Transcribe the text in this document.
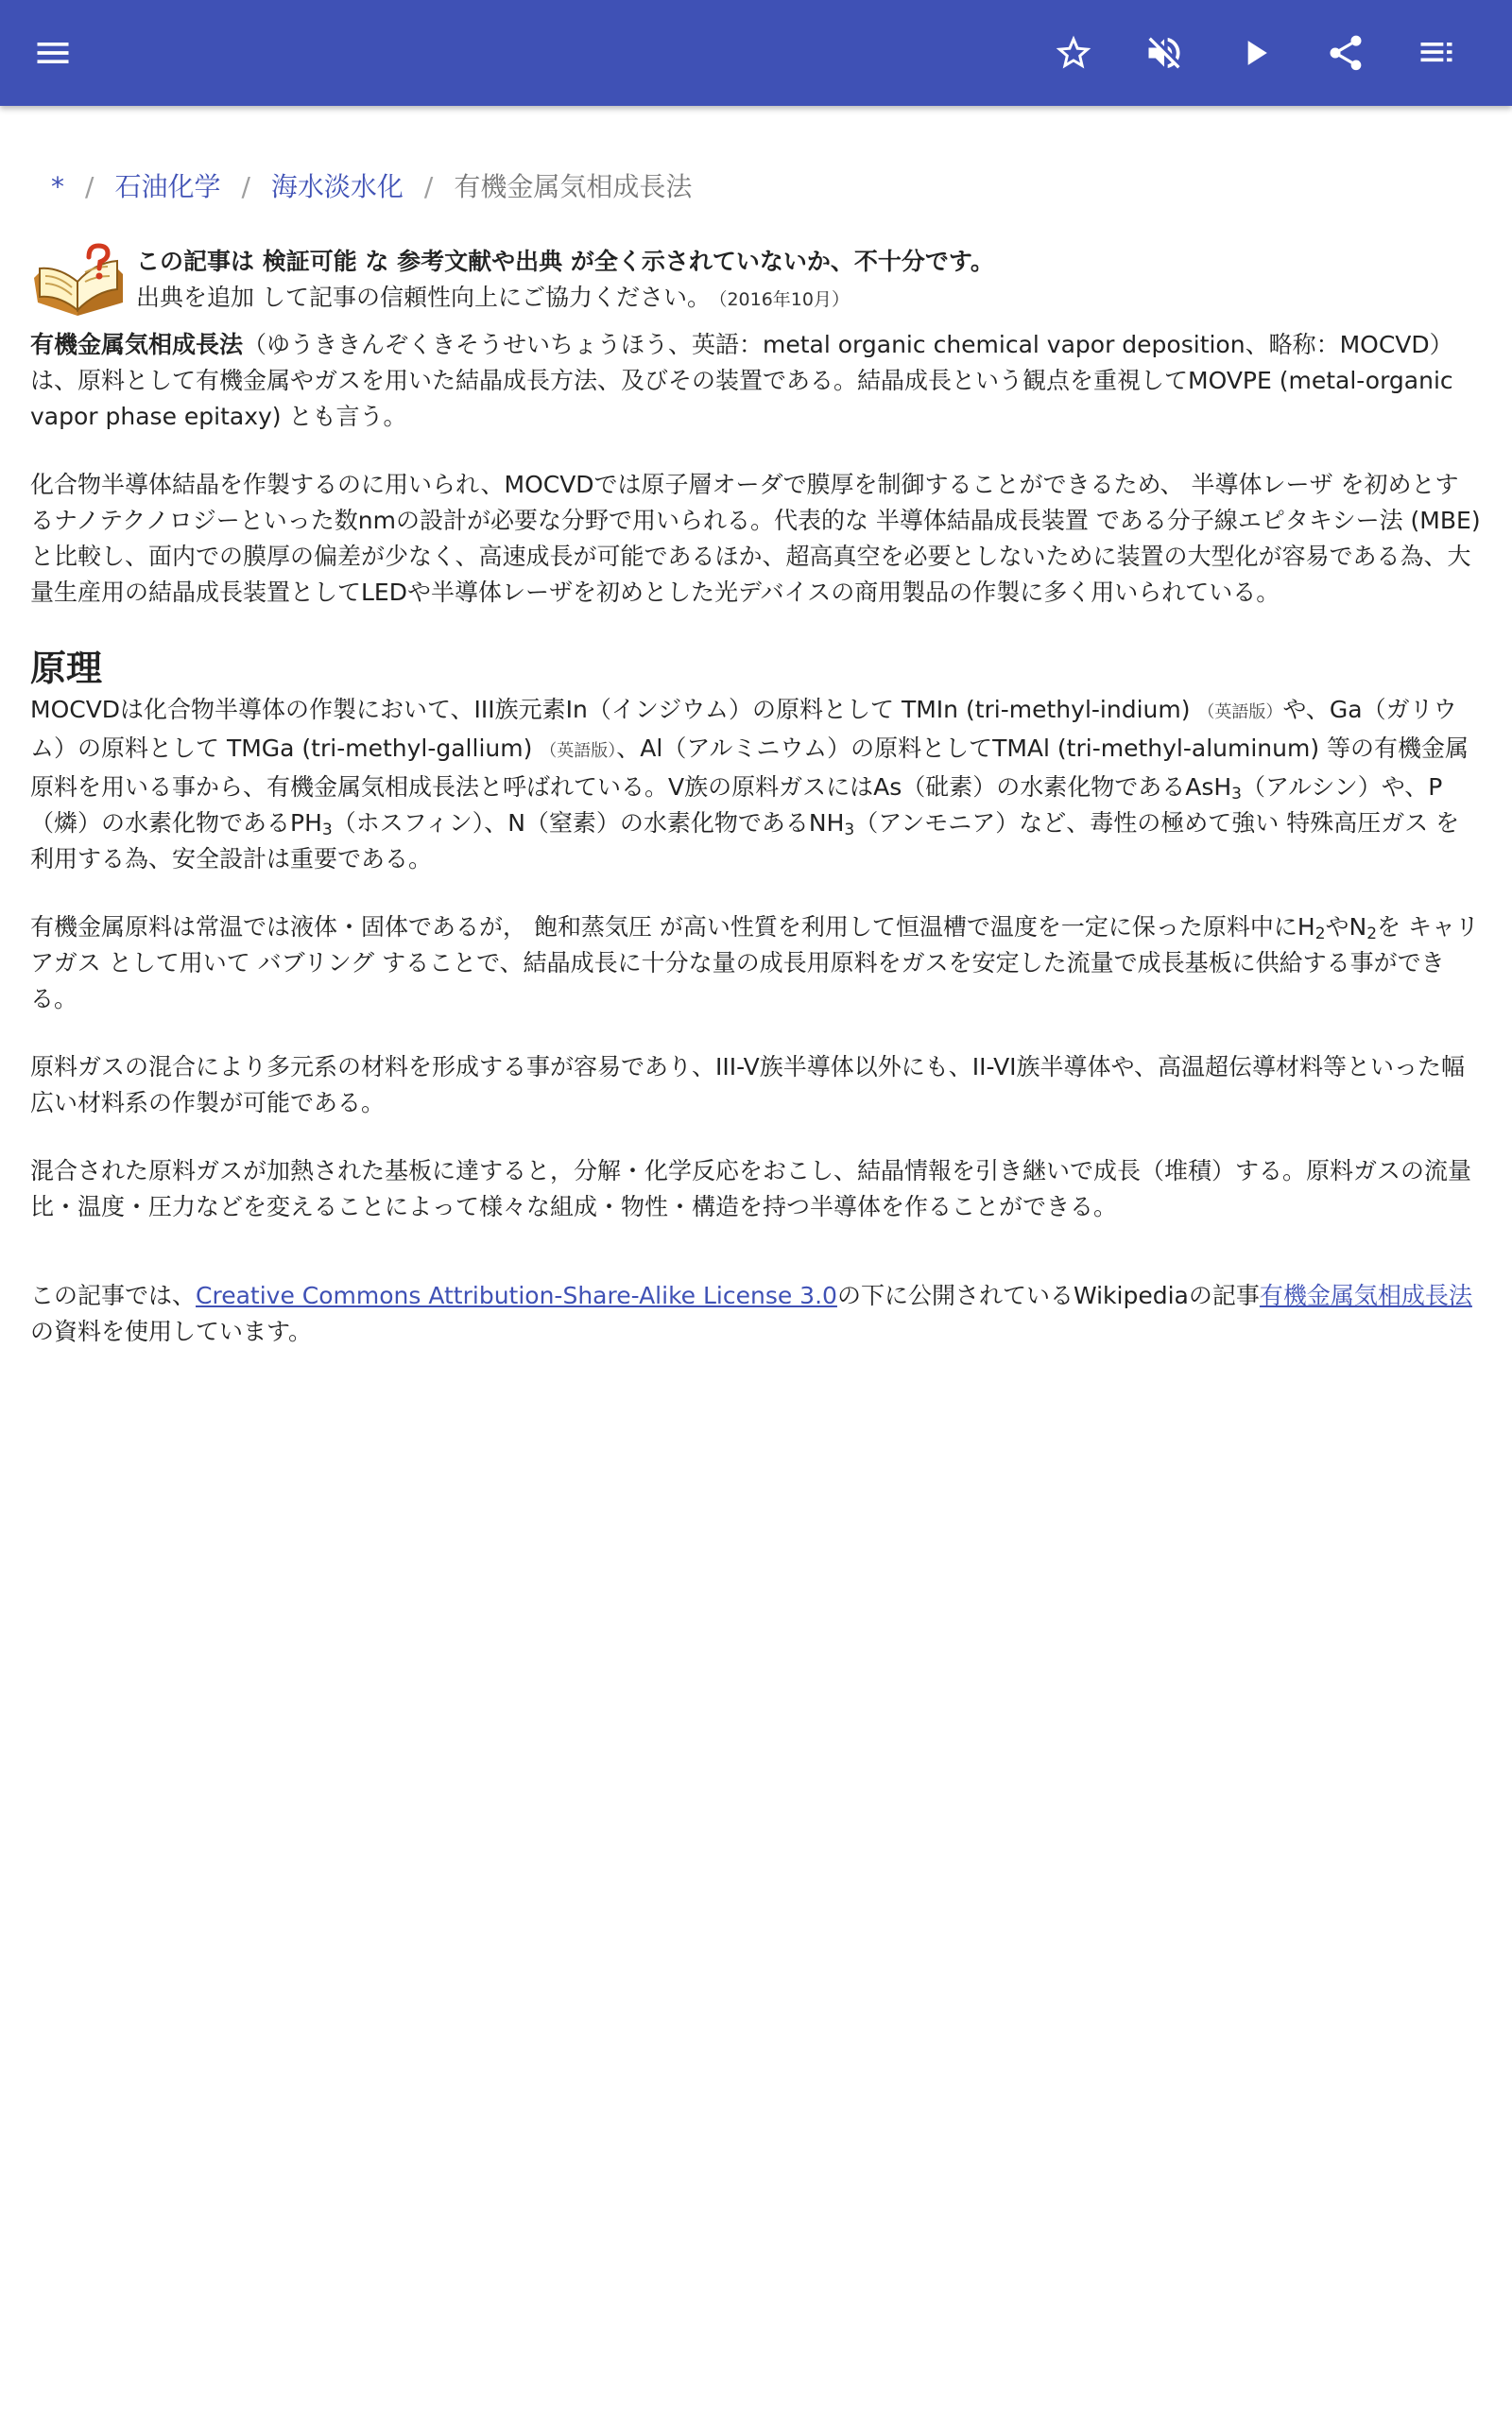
* / 石油化学 / 海水淡水化 / 有機金属気相成長法
この記事は 検証可能 な 参考文献や出典 が全く示されていないか、不十分です。
出典を追加 して記事の信頼性向上にご協力ください。 （2016年10月）

有機金属気相成長法（ゆうききんぞくきそうせいちょうほう、英語：metal organic chemical vapor deposition、略称：MOCVD）は、原料として有機金属やガスを用いた結晶成長方法、及びその装置である。結晶成長という観点を重視してMOVPE (metal-organic vapor phase epitaxy) とも言う。

化合物半導体結晶を作製するのに用いられ、MOCVDでは原子層オーダで膜厚を制御することができるため、 半導体レーザ を初めとするナノテクノロジーといった数nmの設計が必要な分野で用いられる。代表的な 半導体結晶成長装置 である分子線エピタキシー法 (MBE) と比較し、面内での膜厚の偏差が少なく、高速成長が可能であるほか、超高真空を必要としないために装置の大型化が容易である為、大量生産用の結晶成長装置としてLEDや半導体レーザを初めとした光デバイスの商用製品の作製に多く用いられている。

原理

MOCVDは化合物半導体の作製において、III族元素In（インジウム）の原料として TMIn (tri-methyl-indium) （英語版）や、Ga（ガリウム）の原料として TMGa (tri-methyl-gallium) （英語版）、Al（アルミニウム）の原料としてTMAl (tri-methyl-aluminum) 等の有機金属原料を用いる事から、有機金属気相成長法と呼ばれている。V族の原料ガスにはAs（砒素）の水素化物であるAsH$_3$（アルシン）や、P（燐）の水素化物である$PH_3$（ホスフィン）、N（窒素）の水素化物である$NH_3$（アンモニア）など、毒性の極めて強い 特殊高圧ガス を利用する為、安全設計は重要である。

有機金属原料は常温では液体・固体であるが， 飽和蒸気圧 が高い性質を利用して恒温槽で温度を一定に保った原料中に$H_2$や$N_2$を キャリアガス として用いて バブリング することで、結晶成長に十分な量の成長用原料をガスを安定した流量で成長基板に供給する事ができる。

原料ガスの混合により多元系の材料を形成する事が容易であり、III-V族半導体以外にも、II-VI族半導体や、高温超伝導材料等といった幅広い材料系の作製が可能である。

混合された原料ガスが加熱された基板に達すると，分解・化学反応をおこし、結晶情報を引き継いで成長（堆積）する。原料ガスの流量比・温度・圧力などを変えることによって様々な組成・物性・構造を持つ半導体を作ることができる。

この記事では、Creative Commons Attribution-Share-Alike License 3.0の下に公開されているWikipediaの記事有機金属気相成長法の資料を使用しています。
